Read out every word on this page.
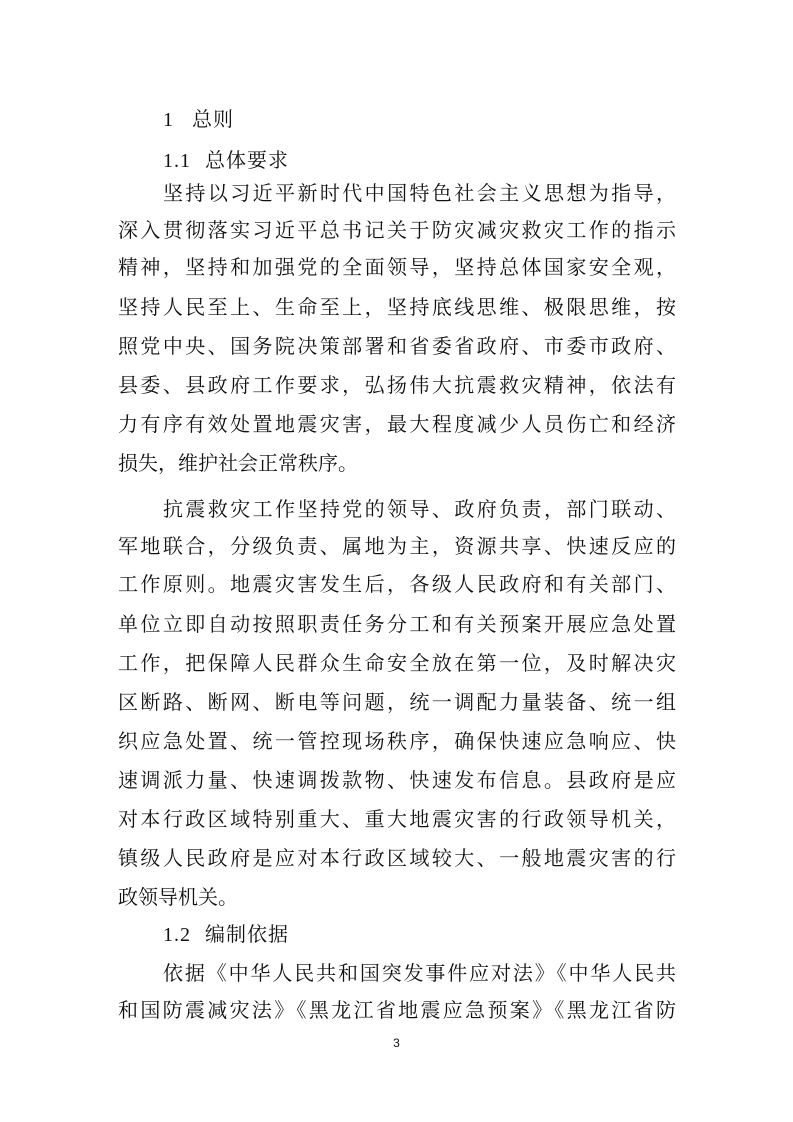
1 总则
1.1 总体要求
坚持以习近平新时代中国特色社会主义思想为指导，
深入贯彻落实习近平总书记关于防灾减灾救灾工作的指示
精神，坚持和加强党的全面领导，坚持总体国家安全观，
坚持人民至上、生命至上，坚持底线思维、极限思维，按
照党中央、国务院决策部署和省委省政府、市委市政府、
县委、县政府工作要求，弘扬伟大抗震救灾精神，依法有
力有序有效处置地震灾害，最大程度减少人员伤亡和经济
损失，维护社会正常秩序。
抗震救灾工作坚持党的领导、政府负责，部门联动、
军地联合，分级负责、属地为主，资源共享、快速反应的
工作原则。地震灾害发生后，各级人民政府和有关部门、
单位立即自动按照职责任务分工和有关预案开展应急处置
工作，把保障人民群众生命安全放在第一位，及时解决灾
区断路、断网、断电等问题，统一调配力量装备、统一组
织应急处置、统一管控现场秩序，确保快速应急响应、快
速调派力量、快速调拨款物、快速发布信息。县政府是应
对本行政区域特别重大、重大地震灾害的行政领导机关，
镇级人民政府是应对本行政区域较大、一般地震灾害的行
政领导机关。
1.2 编制依据
依据《中华人民共和国突发事件应对法》《中华人民共
和国防震减灾法》《黑龙江省地震应急预案》《黑龙江省防
3
